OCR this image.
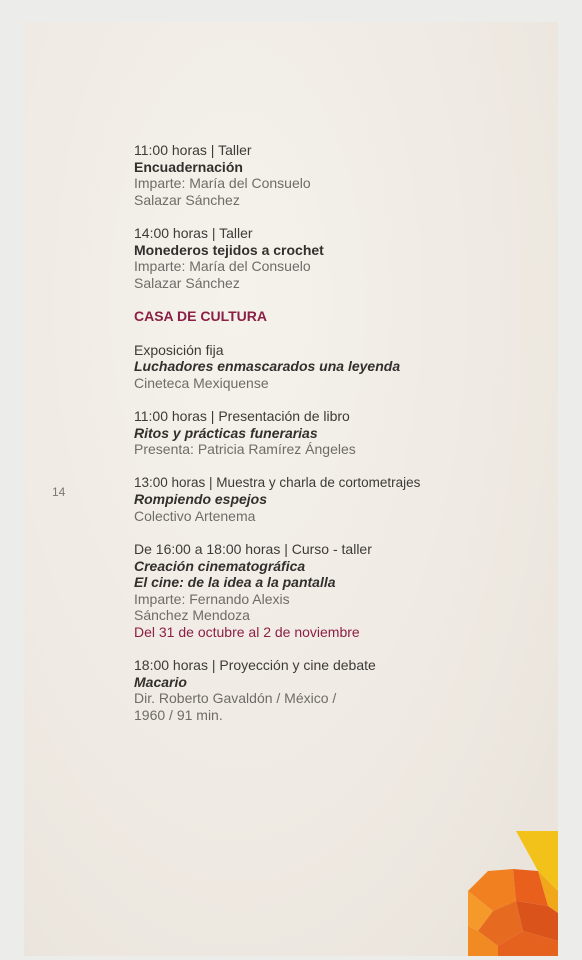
14
11:00 horas | Taller
Encuadernación
Imparte: María del Consuelo
Salazar Sánchez
14:00 horas | Taller
Monederos tejidos a crochet
Imparte: María del Consuelo
Salazar Sánchez
CASA DE CULTURA
Exposición fija
Luchadores enmascarados una leyenda
Cineteca Mexiquense
11:00 horas | Presentación de libro
Ritos y prácticas funerarias
Presenta: Patricia Ramírez Ángeles
13:00 horas | Muestra y charla de cortometrajes
Rompiendo espejos
Colectivo Artenema
De 16:00 a 18:00 horas | Curso - taller
Creación cinematográfica
El cine: de la idea a la pantalla
Imparte: Fernando Alexis
Sánchez Mendoza
Del 31 de octubre al 2 de noviembre
18:00 horas | Proyección y cine debate
Macario
Dir. Roberto Gavaldón / México /
1960 / 91 min.
